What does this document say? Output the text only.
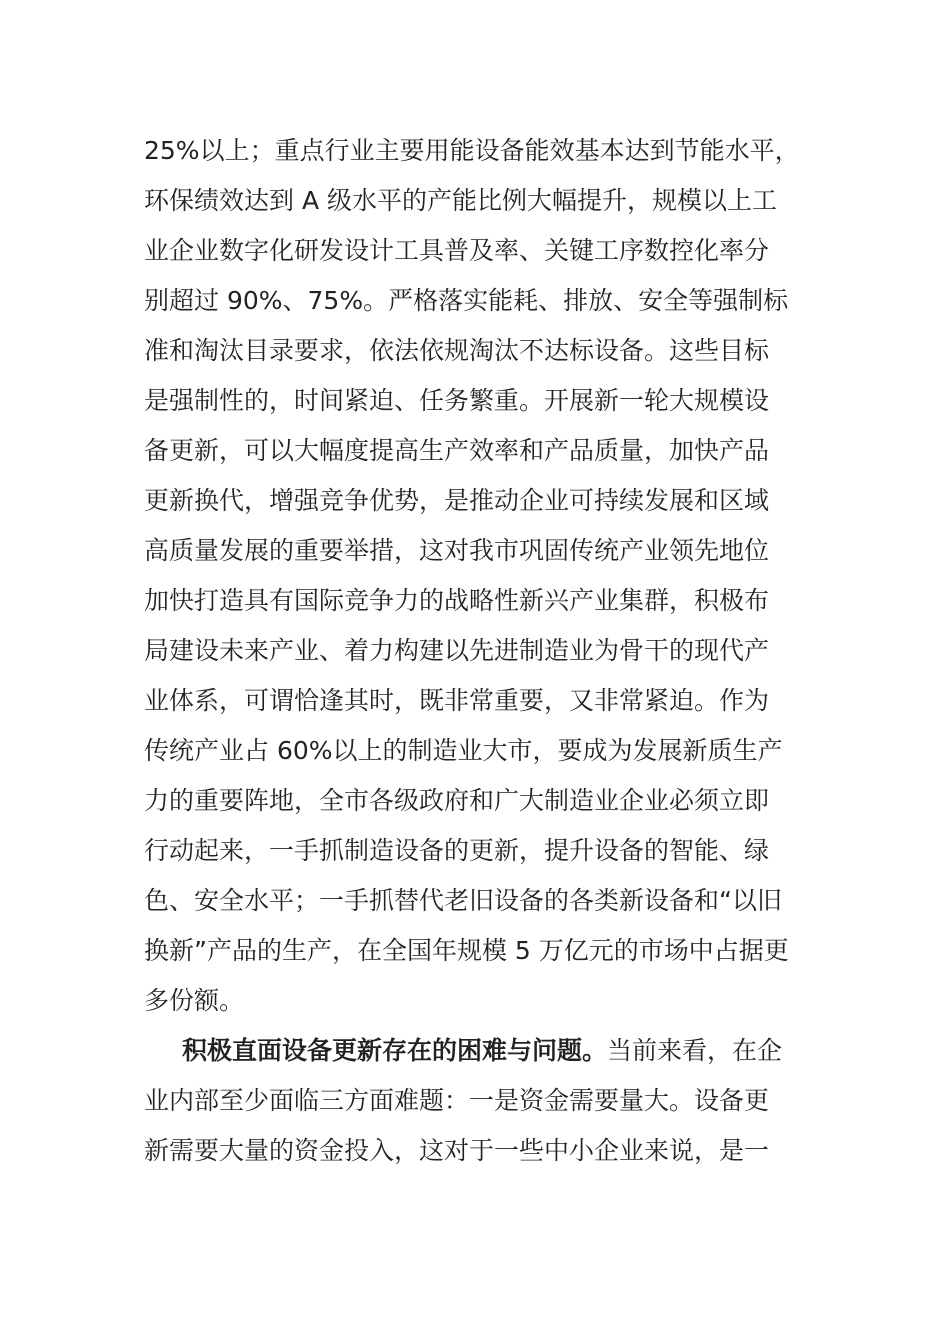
25%以上；重点行业主要用能设备能效基本达到节能水平，
环保绩效达到 A 级水平的产能比例大幅提升，规模以上工
业企业数字化研发设计工具普及率、关键工序数控化率分
别超过 90%、75%。严格落实能耗、排放、安全等强制标
准和淘汰目录要求，依法依规淘汰不达标设备。这些目标
是强制性的，时间紧迫、任务繁重。开展新一轮大规模设
备更新，可以大幅度提高生产效率和产品质量，加快产品
更新换代，增强竞争优势，是推动企业可持续发展和区域
高质量发展的重要举措，这对我市巩固传统产业领先地位
加快打造具有国际竞争力的战略性新兴产业集群，积极布
局建设未来产业、着力构建以先进制造业为骨干的现代产
业体系，可谓恰逢其时，既非常重要，又非常紧迫。作为
传统产业占 60%以上的制造业大市，要成为发展新质生产
力的重要阵地，全市各级政府和广大制造业企业必须立即
行动起来，一手抓制造设备的更新，提升设备的智能、绿
色、安全水平；一手抓替代老旧设备的各类新设备和“以旧
换新”产品的生产，在全国年规模 5 万亿元的市场中占据更
多份额。
积极直面设备更新存在的困难与问题。当前来看，在企
业内部至少面临三方面难题：一是资金需要量大。设备更
新需要大量的资金投入，这对于一些中小企业来说，是一
